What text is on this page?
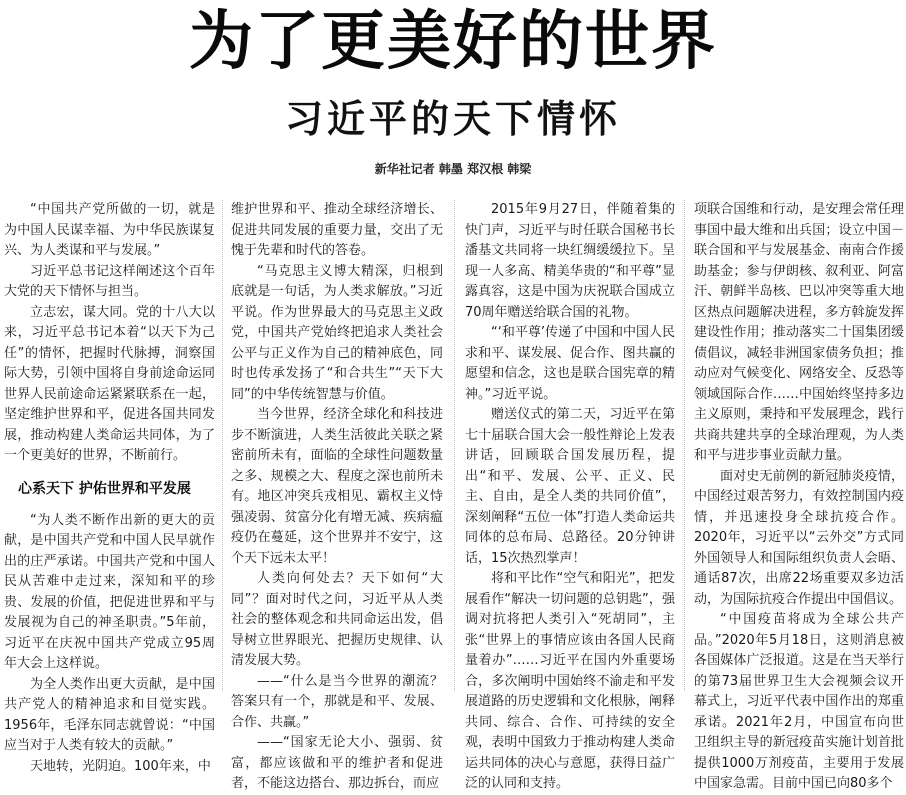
为了更美好的世界
习近平的天下情怀
新华社记者 韩墨 郑汉根 韩梁

“中国共产党所做的一切，就是为中国人民谋幸福、为中华民族谋复兴、为人类谋和平与发展。”

习近平总书记这样阐述这个百年大党的天下情怀与担当。

立志宏，谋大同。党的十八大以来，习近平总书记本着“以天下为己任”的情怀，把握时代脉搏，洞察国际大势，引领中国将自身前途命运同世界人民前途命运紧紧联系在一起，坚定维护世界和平，促进各国共同发展，推动构建人类命运共同体，为了一个更美好的世界，不断前行。

心系天下 护佑世界和平发展

“为人类不断作出新的更大的贡献，是中国共产党和中国人民早就作出的庄严承诺。中国共产党和中国人民从苦难中走过来，深知和平的珍贵、发展的价值，把促进世界和平与发展视为自己的神圣职责。”5年前，习近平在庆祝中国共产党成立95周年大会上这样说。

为全人类作出更大贡献，是中国共产党人的精神追求和目觉实践。1956年，毛泽东同志就曾说：“中国应当对于人类有较大的贡献。”

天地转，光阴迫。100年来，中

维护世界和平、推动全球经济增长、促进共同发展的重要力量，交出了无愧于先辈和时代的答卷。

“马克思主义博大精深，归根到底就是一句话，为人类求解放。”习近平说。作为世界最大的马克思主义政党，中国共产党始终把追求人类社会公平与正义作为自己的精神底色，同时也传承发扬了“和合共生”“天下大同”的中华传统智慧与价值。

当今世界，经济全球化和科技进步不断演进，人类生活彼此关联之紧密前所未有，面临的全球性问题数量之多、规模之大、程度之深也前所未有。地区冲突兵戎相见、霸权主义恃强凌弱、贫富分化有增无减、疾病瘟疫仍在蔓延，这个世界并不安宁，这个天下远未太平！

人类向何处去？天下如何“大同”？面对时代之问，习近平从人类社会的整体观念和共同命运出发，倡导树立世界眼光、把握历史规律、认清发展大势。

——“什么是当今世界的潮流？答案只有一个，那就是和平、发展、合作、共赢。”

——“国家无论大小、强弱、贫富，都应该做和平的维护者和促进者，不能这边搭台、那边拆台，而应

2015年9月27日，伴随着集的快门声，习近平与时任联合国秘书长潘基文共同将一块红绸缓缓拉下。呈现一人多高、精美华贵的“和平尊”显露真容，这是中国为庆祝联合国成立70周年赠送给联合国的礼物。

“‘和平尊’传递了中国和中国人民求和平、谋发展、促合作、图共赢的愿望和信念，这也是联合国宪章的精神。”习近平说。

赠送仪式的第二天，习近平在第七十届联合国大会一般性辩论上发表讲话，回顾联合国发展历程，提出“和平、发展、公平、正义、民主、自由，是全人类的共同价值”，深刻阐释“五位一体”打造人类命运共同体的总布局、总路径。20分钟讲话，15次热烈掌声！

将和平比作“空气和阳光”，把发展看作“解决一切问题的总钥匙”，强调对抗将把人类引入“死胡同”，主张“世界上的事情应该由各国人民商量着办”……习近平在国内外重要场合，多次阐明中国始终不渝走和平发展道路的历史逻辑和文化根脉，阐释共同、综合、合作、可持续的安全观，表明中国致力于推动构建人类命运共同体的决心与意愿，获得日益广泛的认同和支持。

项联合国维和行动，是安理会常任理事国中最大维和出兵国；设立中国－联合国和平与发展基金、南南合作援助基金；参与伊朗核、叙利亚、阿富汗、朝鲜半岛核、巴以冲突等重大地区热点问题解决进程，多方斡旋发挥建设性作用；推动落实二十国集团缓债倡议，减轻非洲国家债务负担；推动应对气候变化、网络安全、反恐等领域国际合作……中国始终坚持多边主义原则，秉持和平发展理念，践行共商共建共享的全球治理观，为人类和平与进步事业贡献力量。

面对史无前例的新冠肺炎疫情，中国经过艰苦努力，有效控制国内疫情，并迅速投身全球抗疫合作。2020年，习近平以“云外交”方式同外国领导人和国际组织负责人会晤、通话87次，出席22场重要双多边活动，为国际抗疫合作提出中国倡议。

“中国疫苗将成为全球公共产品。”2020年5月18日，这则消息被各国媒体广泛报道。这是在当天举行的第73届世界卫生大会视频会议开幕式上，习近平代表中国作出的郑重承诺。2021年2月，中国宣布向世卫组织主导的新冠疫苗实施计划首批提供1000万剂疫苗，主要用于发展中国家急需。目前中国已向80多个
